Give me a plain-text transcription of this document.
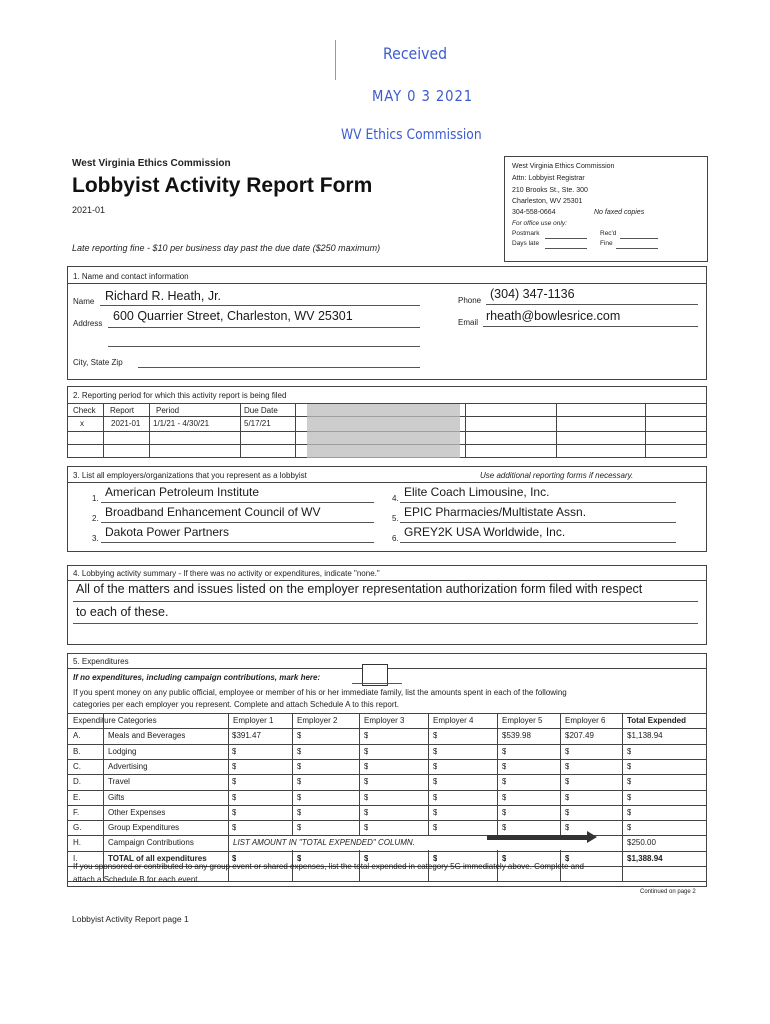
Received
MAY 0 3 2021
WV Ethics Commission
West Virginia Ethics Commission
Lobbyist Activity Report Form
2021-01
Late reporting fine - $10 per business day past the due date ($250 maximum)
West Virginia Ethics Commission
Attn: Lobbyist Registrar
210 Brooks St., Ste. 300
Charleston, WV 25301
304-558-0664	No faxed copies
For office use only:
Postmark	Rec'd
Days late	Fine
1. Name and contact information
Name Richard R. Heath, Jr.
Address
600 Quarrier Street, Charleston, WV 25301
City, State Zip
Phone (304) 347-1136
Email rheath@bowlesrice.com
2. Reporting period for which this activity report is being filed
Check Report	Period	Due Date
x	2021-01 1/1/21 - 4/30/21	5/17/21
3. List all employers/organizations that you represent as a lobbyist	Use additional reporting forms if necessary.
1. American Petroleum Institute
2. Broadband Enhancement Council of WV
3. Dakota Power Partners
4. Elite Coach Limousine, Inc.
5. EPIC Pharmacies/Multistate Assn.
6. GREY2K USA Worldwide, Inc.
4. Lobbying activity summary - If there was no activity or expenditures, indicate "none."
All of the matters and issues listed on the employer representation authorization form filed with respect
to each of these.
5. Expenditures
If no expenditures, including campaign contributions, mark here:
If you spent money on any public official, employee or member of his or her immediate family, list the amounts spent in each of the following
categories per each employer you represent. Complete and attach Schedule A to this report.
Expenditure Categories	Employer 1	Employer 2	Employer 3	Employer 4	Employer 5	Employer 6	Total Expended
A.	Meals and Beverages	$391.47	$	$	$	$539.98	$207.49	$1,138.94
B.	Lodging	$	$	$	$	$	$	$
C.	Advertising	$	$	$	$	$	$	$
D.	Travel	$	$	$	$	$	$	$
E.	Gifts	$	$	$	$	$	$	$
F.	Other Expenses	$	$	$	$	$	$	$
G.	Group Expenditures	$	$	$	$	$	$	$
H.	Campaign Contributions	LIST AMOUNT IN "TOTAL EXPENDED" COLUMN.	$250.00
I.	TOTAL of all expenditures	$	$	$	$	$	$	$1,388.94
If you sponsored or contributed to any group event or shared expenses, list the total expended in category 5G immediately above. Complete and
attach a Schedule B for each event.
Continued on page 2
Lobbyist Activity Report page 1
